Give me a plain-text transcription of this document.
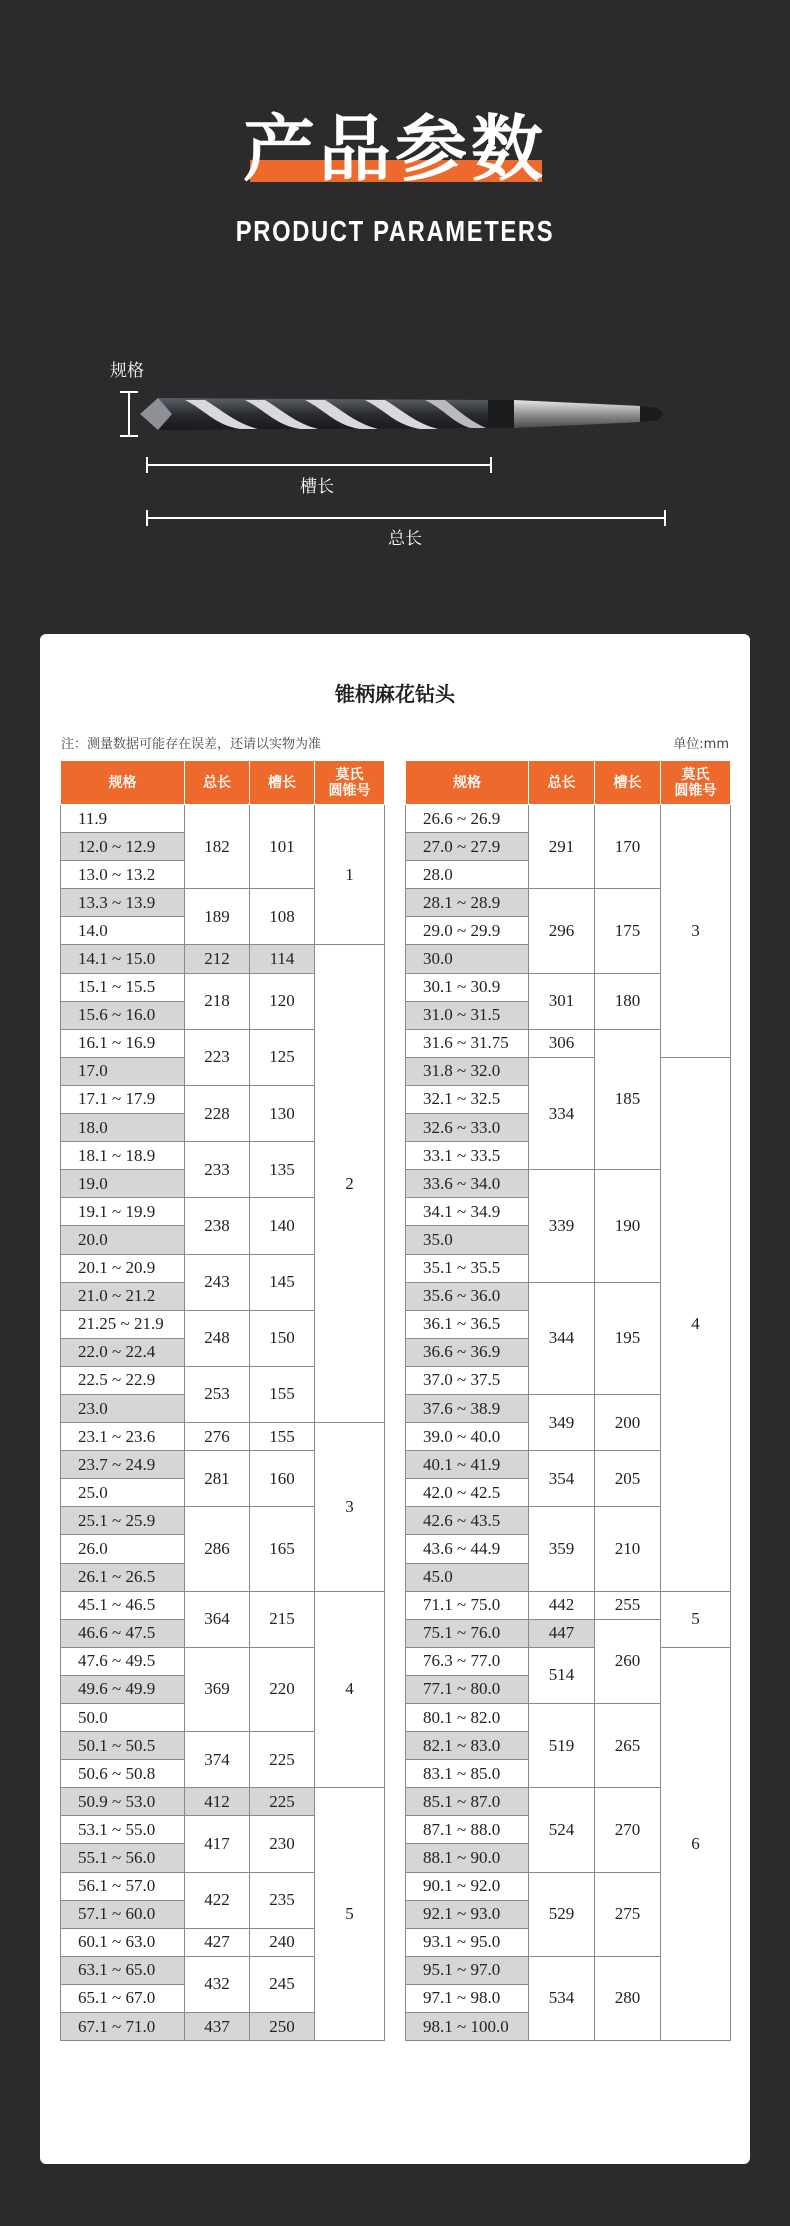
产品参数
PRODUCT PARAMETERS
规格
槽长
总长
锥柄麻花钻头
注：测量数据可能存在误差，还请以实物为准	单位:mm
规格	总长	槽长	莫氏
圆锥号
11.9	182	101	1
12.0 ~ 12.9			
13.0 ~ 13.2			
13.3 ~ 13.9	189	108	
14.0			
14.1 ~ 15.0	212	114	2
15.1 ~ 15.5	218	120	
15.6 ~ 16.0			
16.1 ~ 16.9	223	125	
17.0			
17.1 ~ 17.9	228	130	
18.0			
18.1 ~ 18.9	233	135	
19.0			
19.1 ~ 19.9	238	140	
20.0			
20.1 ~ 20.9	243	145	
21.0 ~ 21.2			
21.25 ~ 21.9	248	150	
22.0 ~ 22.4			
22.5 ~ 22.9	253	155	
23.0			
23.1 ~ 23.6	276	155	3
23.7 ~ 24.9	281	160	
25.0			
25.1 ~ 25.9	286	165	
26.0			
26.1 ~ 26.5			
45.1 ~ 46.5	364	215	4
46.6 ~ 47.5			
47.6 ~ 49.5	369	220	
49.6 ~ 49.9			
50.0			
50.1 ~ 50.5	374	225	
50.6 ~ 50.8			
50.9 ~ 53.0	412	225	5
53.1 ~ 55.0	417	230	
55.1 ~ 56.0			
56.1 ~ 57.0	422	235	
57.1 ~ 60.0			
60.1 ~ 63.0	427	240	
63.1 ~ 65.0	432	245	
65.1 ~ 67.0			
67.1 ~ 71.0	437	250	
规格	总长	槽长	莫氏
圆锥号
26.6 ~ 26.9	291	170	3
27.0 ~ 27.9			
28.0			
28.1 ~ 28.9	296	175	
29.0 ~ 29.9			
30.0			
30.1 ~ 30.9	301	180	
31.0 ~ 31.5			
31.6 ~ 31.75	306	185	
31.8 ~ 32.0	334		4
32.1 ~ 32.5			
32.6 ~ 33.0			
33.1 ~ 33.5			
33.6 ~ 34.0	339	190	
34.1 ~ 34.9			
35.0			
35.1 ~ 35.5			
35.6 ~ 36.0	344	195	
36.1 ~ 36.5			
36.6 ~ 36.9			
37.0 ~ 37.5			
37.6 ~ 38.9	349	200	
39.0 ~ 40.0			
40.1 ~ 41.9	354	205	
42.0 ~ 42.5			
42.6 ~ 43.5	359	210	
43.6 ~ 44.9			
45.0			
71.1 ~ 75.0	442	255	5
75.1 ~ 76.0	447	260	
76.3 ~ 77.0	514		6
77.1 ~ 80.0			
80.1 ~ 82.0	519	265	
82.1 ~ 83.0			
83.1 ~ 85.0			
85.1 ~ 87.0	524	270	
87.1 ~ 88.0			
88.1 ~ 90.0			
90.1 ~ 92.0	529	275	
92.1 ~ 93.0			
93.1 ~ 95.0			
95.1 ~ 97.0	534	280	
97.1 ~ 98.0			
98.1 ~ 100.0			
